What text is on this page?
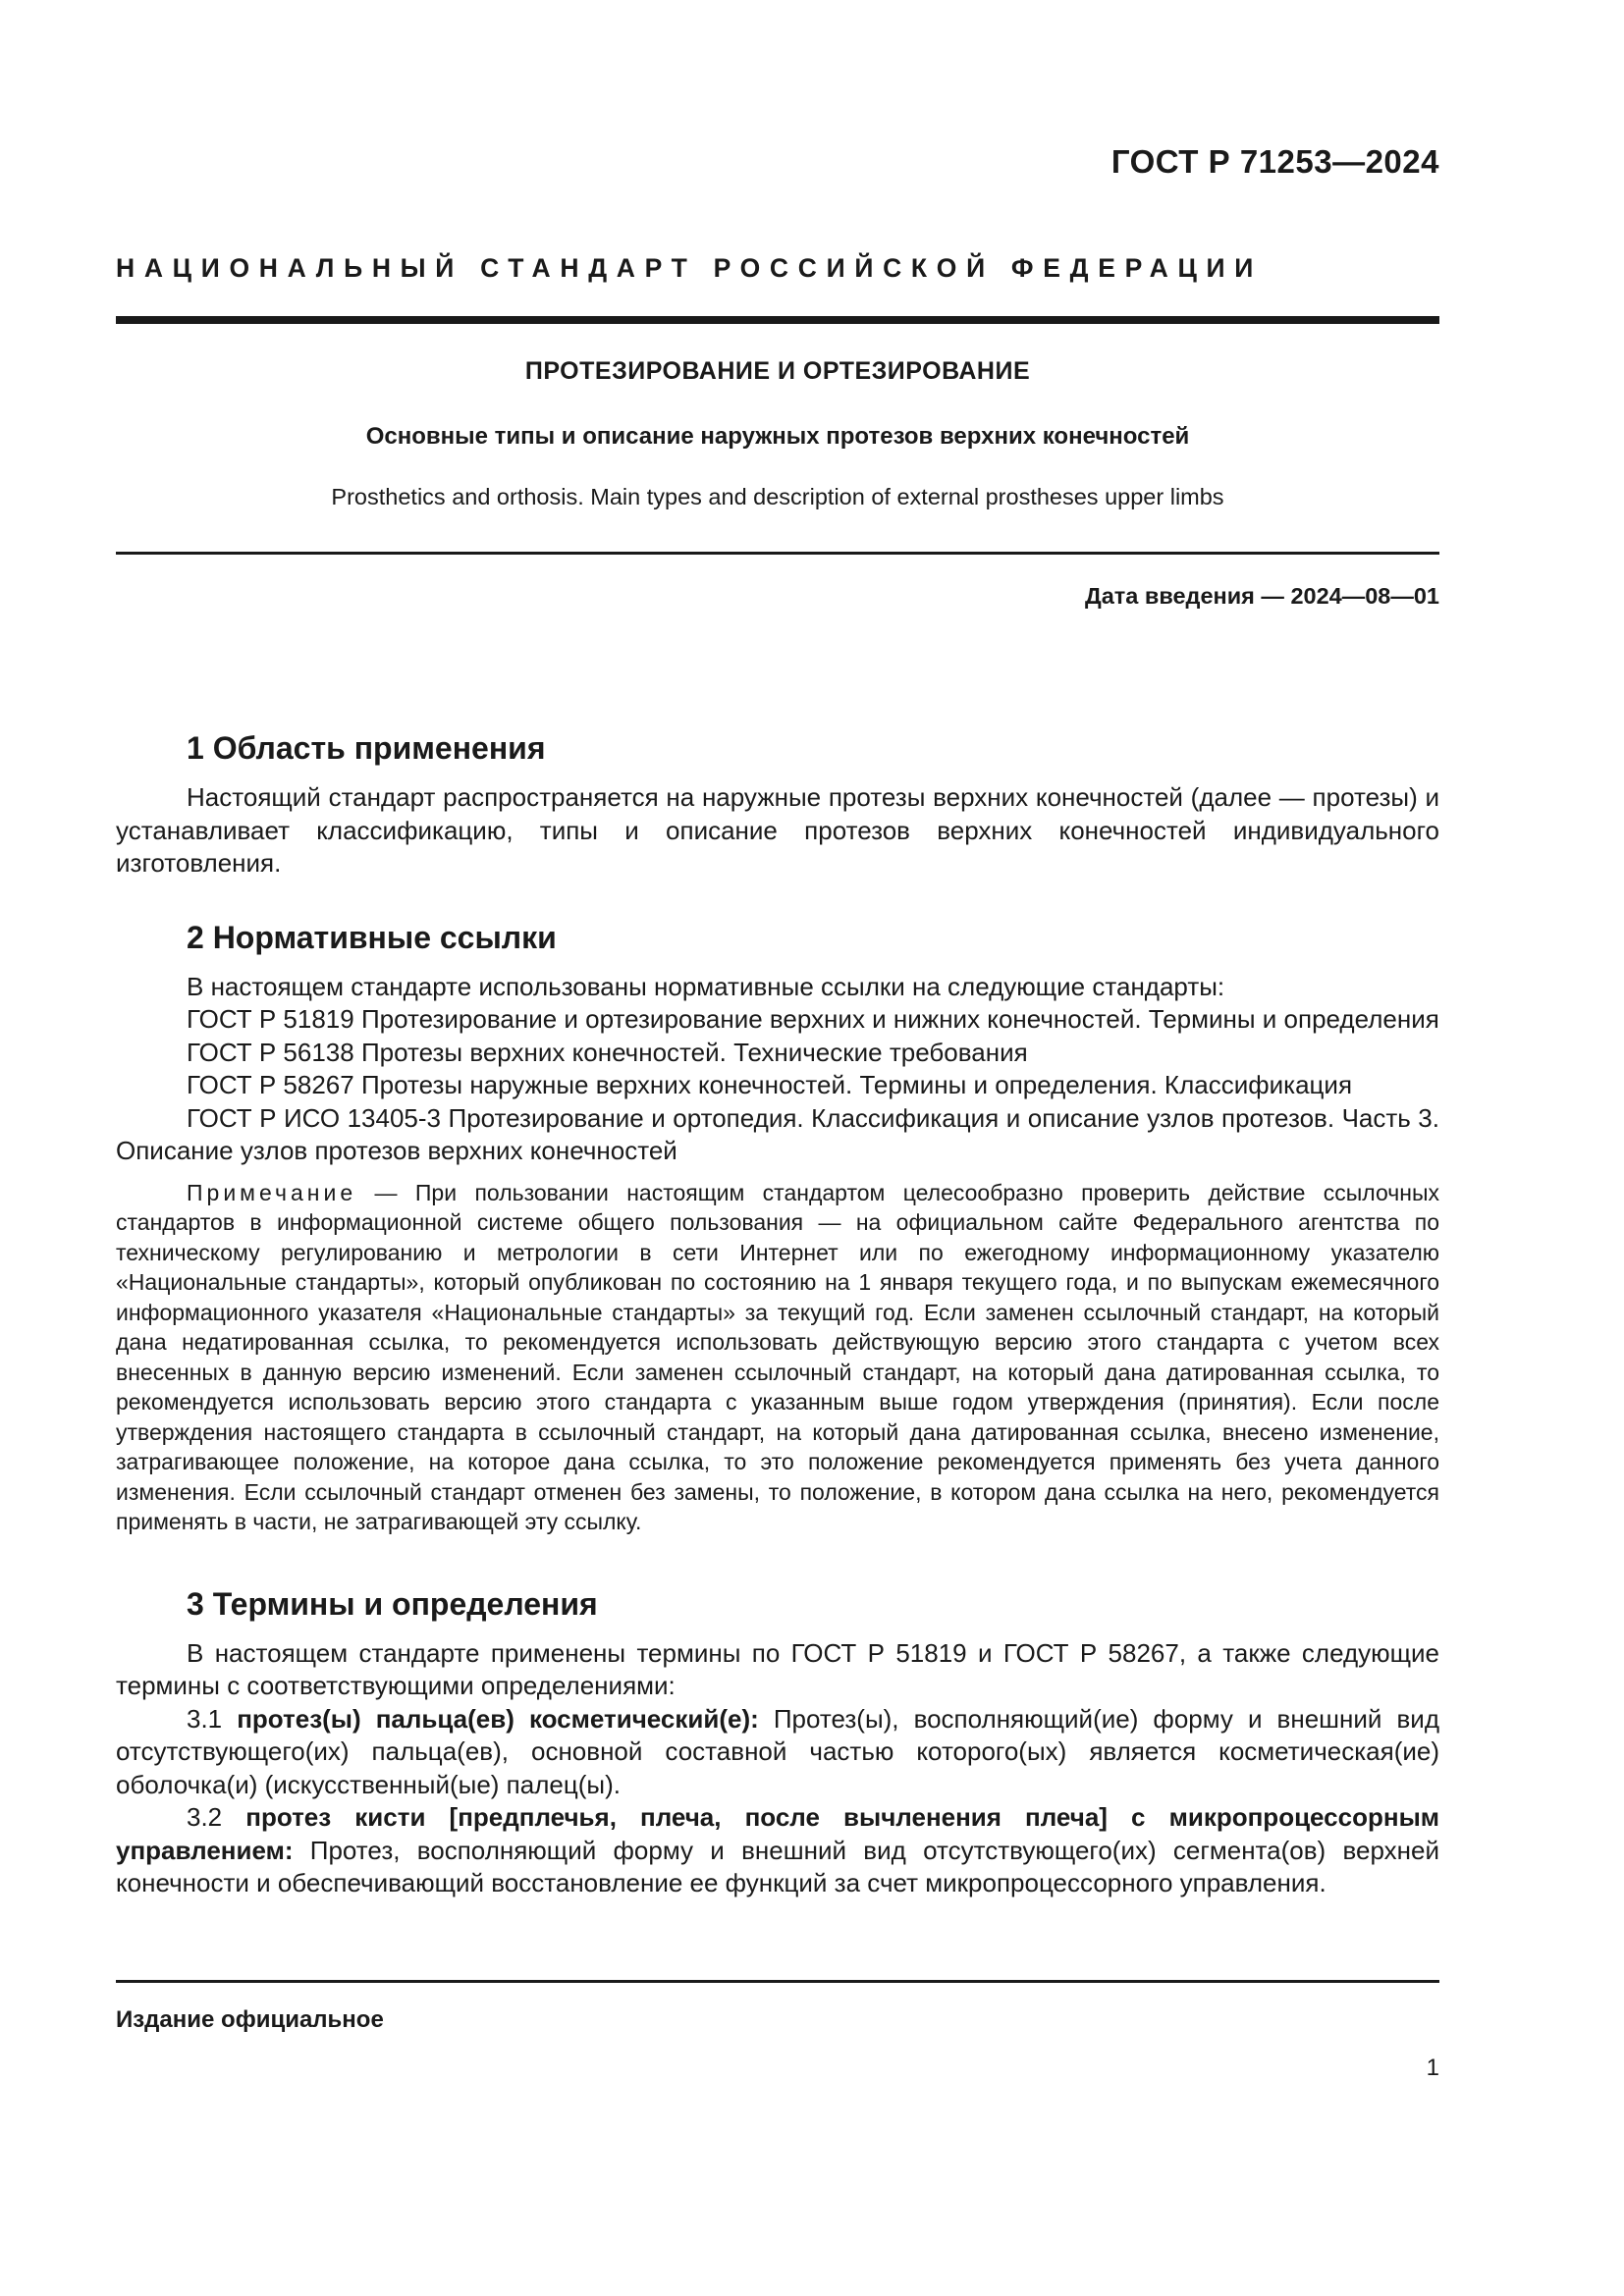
ГОСТ Р 71253—2024
НАЦИОНАЛЬНЫЙ СТАНДАРТ РОССИЙСКОЙ ФЕДЕРАЦИИ
ПРОТЕЗИРОВАНИЕ И ОРТЕЗИРОВАНИЕ
Основные типы и описание наружных протезов верхних конечностей
Prosthetics and orthosis. Main types and description of external prostheses upper limbs
Дата введения — 2024—08—01
1 Область применения

Настоящий стандарт распространяется на наружные протезы верхних конечностей (далее — протезы) и устанавливает классификацию, типы и описание протезов верхних конечностей индивидуального изготовления.

2 Нормативные ссылки

В настоящем стандарте использованы нормативные ссылки на следующие стандарты:

ГОСТ Р 51819 Протезирование и ортезирование верхних и нижних конечностей. Термины и определения

ГОСТ Р 56138 Протезы верхних конечностей. Технические требования

ГОСТ Р 58267 Протезы наружные верхних конечностей. Термины и определения. Классификация

ГОСТ Р ИСО 13405-3 Протезирование и ортопедия. Классификация и описание узлов протезов. Часть 3. Описание узлов протезов верхних конечностей

Примечание — При пользовании настоящим стандартом целесообразно проверить действие ссылочных стандартов в информационной системе общего пользования — на официальном сайте Федерального агентства по техническому регулированию и метрологии в сети Интернет или по ежегодному информационному указателю «Национальные стандарты», который опубликован по состоянию на 1 января текущего года, и по выпускам ежемесячного информационного указателя «Национальные стандарты» за текущий год. Если заменен ссылочный стандарт, на который дана недатированная ссылка, то рекомендуется использовать действующую версию этого стандарта с учетом всех внесенных в данную версию изменений. Если заменен ссылочный стандарт, на который дана датированная ссылка, то рекомендуется использовать версию этого стандарта с указанным выше годом утверждения (принятия). Если после утверждения настоящего стандарта в ссылочный стандарт, на который дана датированная ссылка, внесено изменение, затрагивающее положение, на которое дана ссылка, то это положение рекомендуется применять без учета данного изменения. Если ссылочный стандарт отменен без замены, то положение, в котором дана ссылка на него, рекомендуется применять в части, не затрагивающей эту ссылку.

3 Термины и определения

В настоящем стандарте применены термины по ГОСТ Р 51819 и ГОСТ Р 58267, а также следующие термины с соответствующими определениями:

3.1 протез(ы) пальца(ев) косметический(е): Протез(ы), восполняющий(ие) форму и внешний вид отсутствующего(их) пальца(ев), основной составной частью которого(ых) является косметическая(ие) оболочка(и) (искусственный(ые) палец(ы).

3.2 протез кисти [предплечья, плеча, после вычленения плеча] с микропроцессорным управлением: Протез, восполняющий форму и внешний вид отсутствующего(их) сегмента(ов) верхней конечности и обеспечивающий восстановление ее функций за счет микропроцессорного управления.

Издание официальное
1
